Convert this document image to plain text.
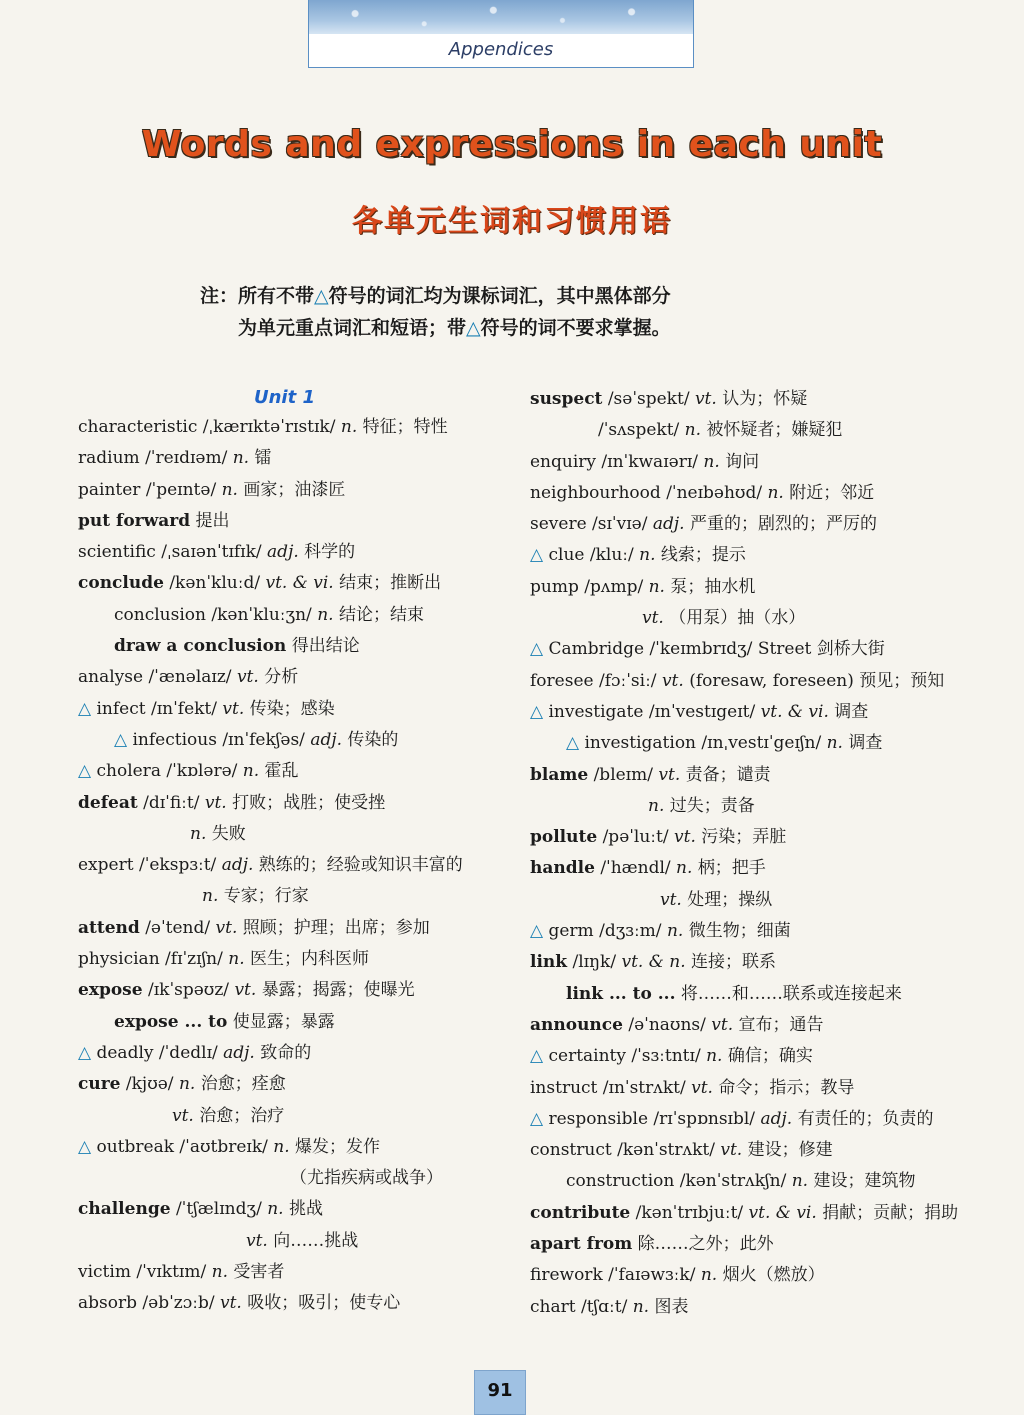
Appendices
Words and expressions in each unit
各单元生词和习惯用语
注：所有不带△符号的词汇均为课标词汇，其中黑体部分
为单元重点词汇和短语；带△符号的词不要求掌握。
Unit 1
characteristic /ˌkærɪktəˈrɪstɪk/ n. 特征；特性
radium /ˈreɪdɪəm/ n. 镭
painter /ˈpeɪntə/ n. 画家；油漆匠
put forward 提出
scientific /ˌsaɪənˈtɪfɪk/ adj. 科学的
conclude /kənˈkluːd/ vt. & vi. 结束；推断出
conclusion /kənˈkluːʒn/ n. 结论；结束
draw a conclusion 得出结论
analyse /ˈænəlaɪz/ vt. 分析
△ infect /ɪnˈfekt/ vt. 传染；感染
△ infectious /ɪnˈfekʃəs/ adj. 传染的
△ cholera /ˈkɒlərə/ n. 霍乱
defeat /dɪˈfiːt/ vt. 打败；战胜；使受挫
n. 失败
expert /ˈekspɜːt/ adj. 熟练的；经验或知识丰富的
n. 专家；行家
attend /əˈtend/ vt. 照顾；护理；出席；参加
physician /fɪˈzɪʃn/ n. 医生；内科医师
expose /ɪkˈspəʊz/ vt. 暴露；揭露；使曝光
expose ... to 使显露；暴露
△ deadly /ˈdedlɪ/ adj. 致命的
cure /kjʊə/ n. 治愈；痊愈
vt. 治愈；治疗
△ outbreak /ˈaʊtbreɪk/ n. 爆发；发作
（尤指疾病或战争）
challenge /ˈtʃælɪndʒ/ n. 挑战
vt. 向……挑战
victim /ˈvɪktɪm/ n. 受害者
absorb /əbˈzɔːb/ vt. 吸收；吸引；使专心
suspect /səˈspekt/ vt. 认为；怀疑
/ˈsʌspekt/ n. 被怀疑者；嫌疑犯
enquiry /ɪnˈkwaɪərɪ/ n. 询问
neighbourhood /ˈneɪbəhʊd/ n. 附近；邻近
severe /sɪˈvɪə/ adj. 严重的；剧烈的；严厉的
△ clue /kluː/ n. 线索；提示
pump /pʌmp/ n. 泵；抽水机
vt. （用泵）抽（水）
△ Cambridge /ˈkeɪmbrɪdʒ/ Street 剑桥大街
foresee /fɔːˈsiː/ vt. (foresaw, foreseen) 预见；预知
△ investigate /ɪnˈvestɪgeɪt/ vt. & vi. 调查
△ investigation /ɪnˌvestɪˈgeɪʃn/ n. 调查
blame /bleɪm/ vt. 责备；谴责
n. 过失；责备
pollute /pəˈluːt/ vt. 污染；弄脏
handle /ˈhændl/ n. 柄；把手
vt. 处理；操纵
△ germ /dʒɜːm/ n. 微生物；细菌
link /lɪŋk/ vt. & n. 连接；联系
link ... to ... 将……和……联系或连接起来
announce /əˈnaʊns/ vt. 宣布；通告
△ certainty /ˈsɜːtntɪ/ n. 确信；确实
instruct /ɪnˈstrʌkt/ vt. 命令；指示；教导
△ responsible /rɪˈspɒnsɪbl/ adj. 有责任的；负责的
construct /kənˈstrʌkt/ vt. 建设；修建
construction /kənˈstrʌkʃn/ n. 建设；建筑物
contribute /kənˈtrɪbjuːt/ vt. & vi. 捐献；贡献；捐助
apart from 除……之外；此外
firework /ˈfaɪəwɜːk/ n. 烟火（燃放）
chart /tʃɑːt/ n. 图表
91
